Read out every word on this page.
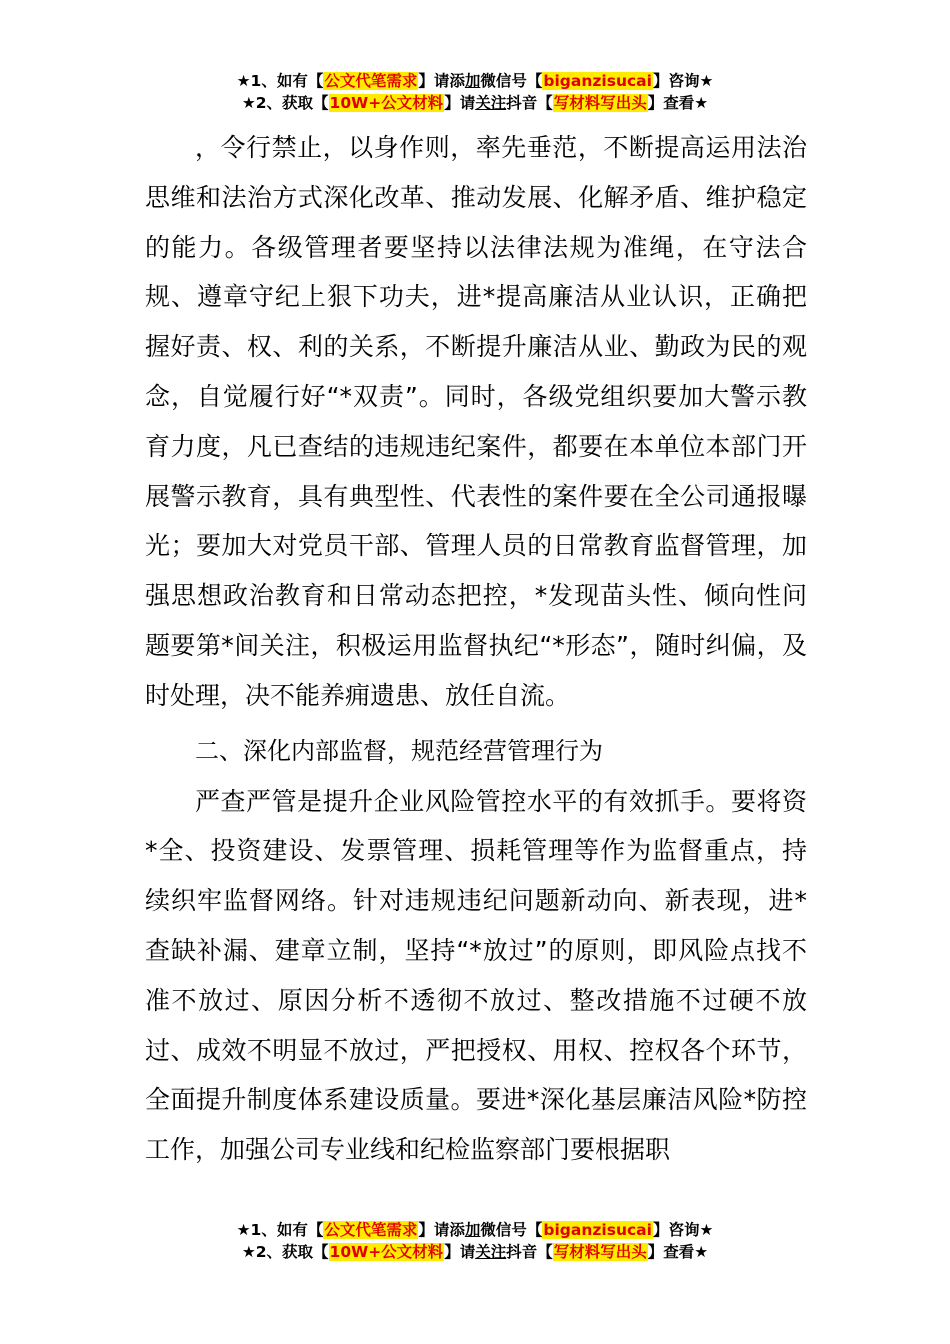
★1、如有【公文代笔需求】请添加微信号【biganzisucai】咨询★
★2、获取【10W+公文材料】请关注抖音【写材料写出头】查看★

，令行禁止，以身作则，率先垂范，不断提高运用法治思维和法治方式深化改革、推动发展、化解矛盾、维护稳定的能力。各级管理者要坚持以法律法规为准绳，在守法合规、遵章守纪上狠下功夫，进*提高廉洁从业认识，正确把握好责、权、利的关系，不断提升廉洁从业、勤政为民的观念，自觉履行好“*双责”。同时，各级党组织要加大警示教育力度，凡已查结的违规违纪案件，都要在本单位本部门开展警示教育，具有典型性、代表性的案件要在全公司通报曝光；要加大对党员干部、管理人员的日常教育监督管理，加强思想政治教育和日常动态把控，*发现苗头性、倾向性问题要第*间关注，积极运用监督执纪“*形态”，随时纠偏，及时处理，决不能养痈遗患、放任自流。

二、深化内部监督，规范经营管理行为

严查严管是提升企业风险管控水平的有效抓手。要将资*全、投资建设、发票管理、损耗管理等作为监督重点，持续织牢监督网络。针对违规违纪问题新动向、新表现，进*查缺补漏、建章立制，坚持“*放过”的原则，即风险点找不准不放过、原因分析不透彻不放过、整改措施不过硬不放过、成效不明显不放过，严把授权、用权、控权各个环节，全面提升制度体系建设质量。要进*深化基层廉洁风险*防控工作，加强公司专业线和纪检监察部门要根据职

★1、如有【公文代笔需求】请添加微信号【biganzisucai】咨询★
★2、获取【10W+公文材料】请关注抖音【写材料写出头】查看★
